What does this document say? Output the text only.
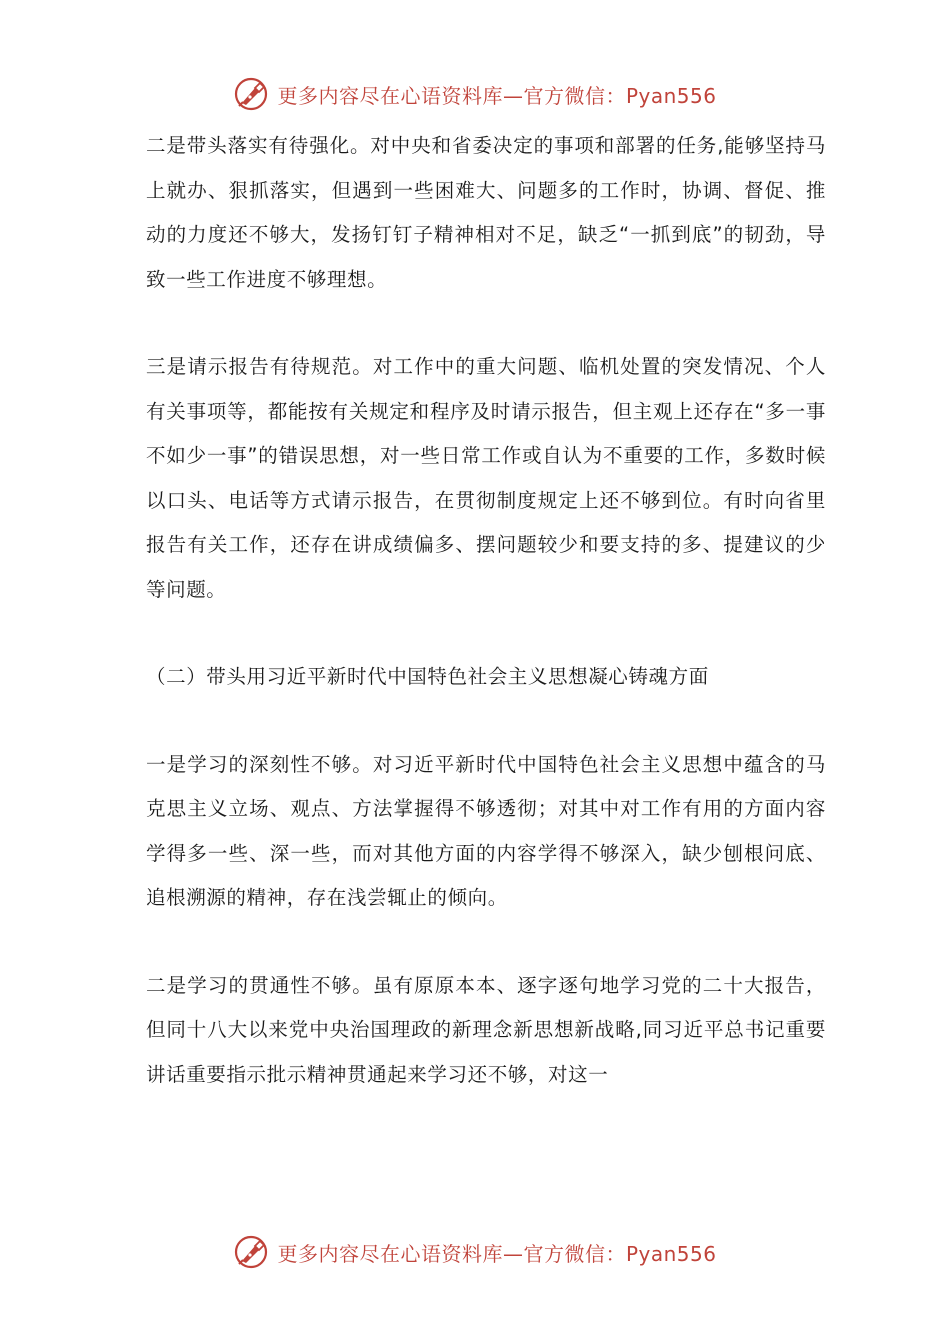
更多内容尽在心语资料库—官方微信：Pyan556

二是带头落实有待强化。对中央和省委决定的事项和部署的任务,能够坚持马上就办、狠抓落实，但遇到一些困难大、问题多的工作时，协调、督促、推动的力度还不够大，发扬钉钉子精神相对不足，缺乏“一抓到底”的韧劲，导致一些工作进度不够理想。

三是请示报告有待规范。对工作中的重大问题、临机处置的突发情况、个人有关事项等，都能按有关规定和程序及时请示报告，但主观上还存在“多一事不如少一事”的错误思想，对一些日常工作或自认为不重要的工作，多数时候以口头、电话等方式请示报告，在贯彻制度规定上还不够到位。有时向省里报告有关工作，还存在讲成绩偏多、摆问题较少和要支持的多、提建议的少等问题。

（二）带头用习近平新时代中国特色社会主义思想凝心铸魂方面

一是学习的深刻性不够。对习近平新时代中国特色社会主义思想中蕴含的马克思主义立场、观点、方法掌握得不够透彻；对其中对工作有用的方面内容学得多一些、深一些，而对其他方面的内容学得不够深入，缺少刨根问底、追根溯源的精神，存在浅尝辄止的倾向。

二是学习的贯通性不够。虽有原原本本、逐字逐句地学习党的二十大报告，但同十八大以来党中央治国理政的新理念新思想新战略,同习近平总书记重要讲话重要指示批示精神贯通起来学习还不够，对这一

更多内容尽在心语资料库—官方微信：Pyan556
